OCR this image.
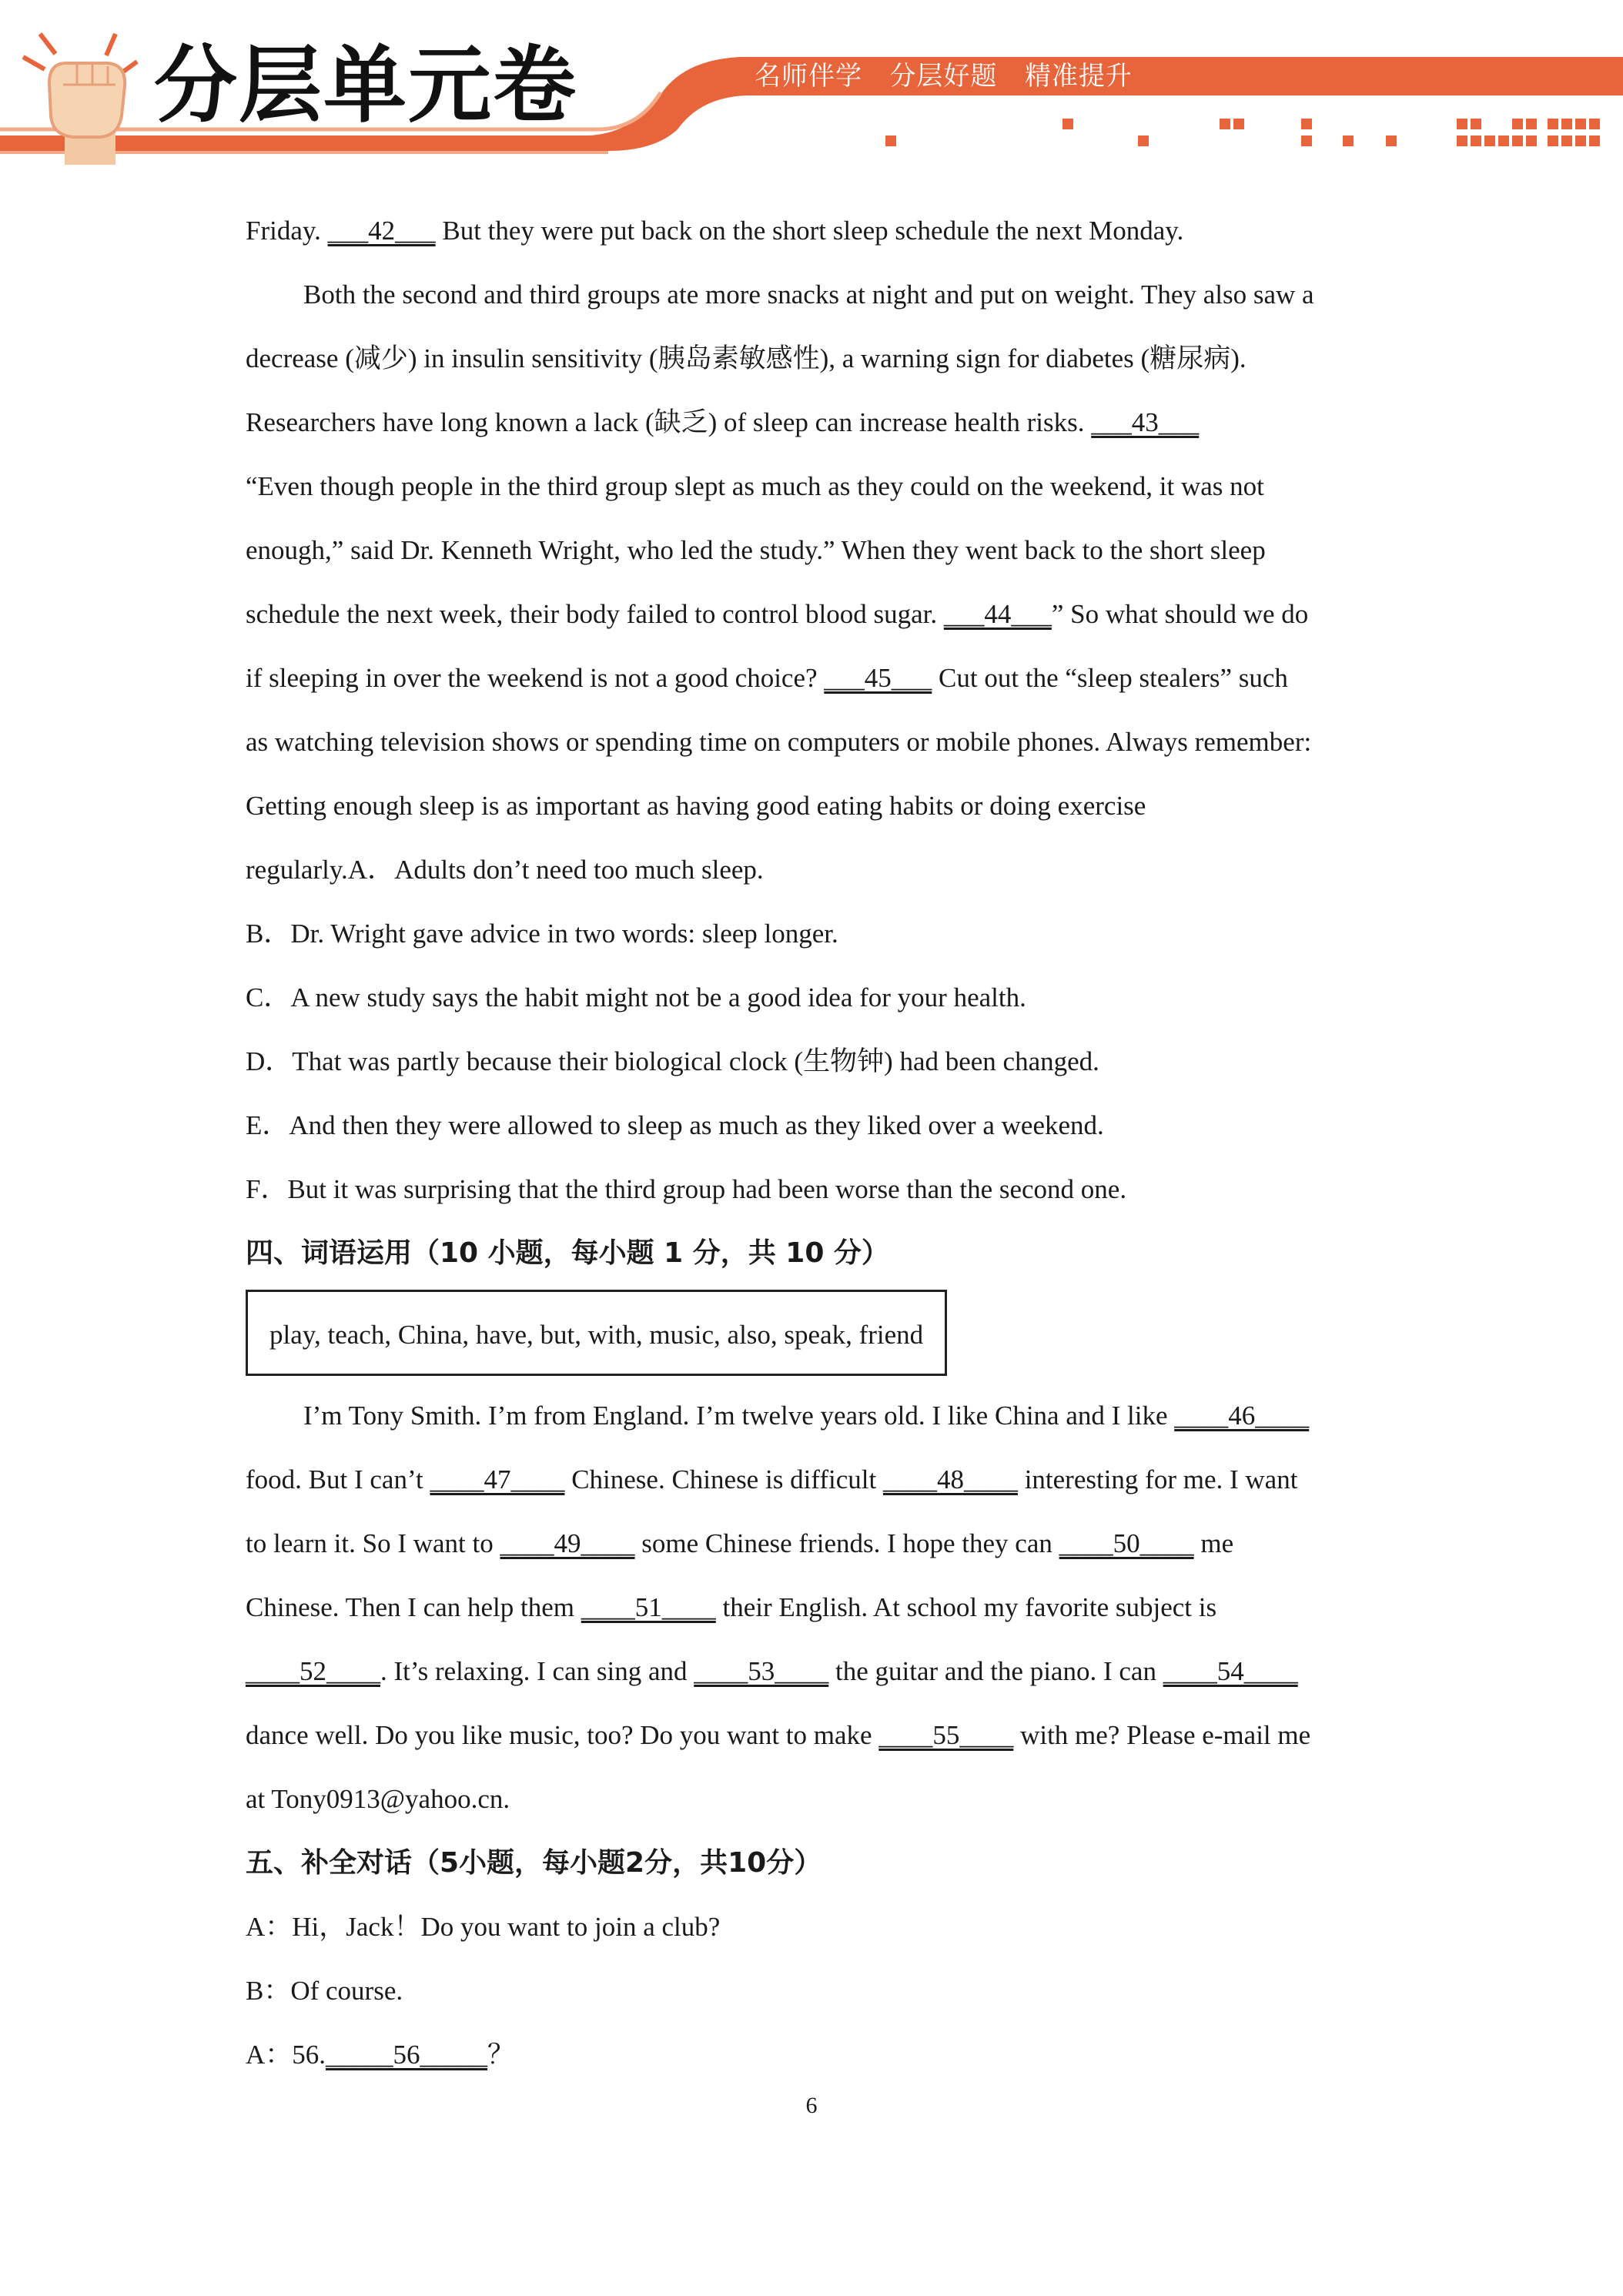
分层单元卷	名师伴学   分层好题   精准提升
Friday. ___42___ But they were put back on the short sleep schedule the next Monday.
Both the second and third groups ate more snacks at night and put on weight. They also saw a
decrease (减少) in insulin sensitivity (胰岛素敏感性), a warning sign for diabetes (糖尿病).
Researchers have long known a lack (缺乏) of sleep can increase health risks. ___43___
“Even though people in the third group slept as much as they could on the weekend, it was not
enough,” said Dr. Kenneth Wright, who led the study.” When they went back to the short sleep
schedule the next week, their body failed to control blood sugar. ___44___” So what should we do
if sleeping in over the weekend is not a good choice? ___45___ Cut out the “sleep stealers” such
as watching television shows or spending time on computers or mobile phones. Always remember:
Getting enough sleep is as important as having good eating habits or doing exercise
regularly.A．Adults don’t need too much sleep.
B．Dr. Wright gave advice in two words: sleep longer.
C．A new study says the habit might not be a good idea for your health.
D．That was partly because their biological clock (生物钟) had been changed.
E．And then they were allowed to sleep as much as they liked over a weekend.
F．But it was surprising that the third group had been worse than the second one.
四、词语运用（10 小题，每小题 1 分，共 10 分）
play, teach, China, have, but, with, music, also, speak, friend
I’m Tony Smith. I’m from England. I’m twelve years old. I like China and I like ____46____
food. But I can’t ____47____ Chinese. Chinese is difficult ____48____ interesting for me. I want
to learn it. So I want to ____49____ some Chinese friends. I hope they can ____50____ me
Chinese. Then I can help them ____51____ their English. At school my favorite subject is
____52____. It’s relaxing. I can sing and ____53____ the guitar and the piano. I can ____54____
dance well. Do you like music, too? Do you want to make ____55____ with me? Please e-mail me
at Tony0913@yahoo.cn.
五、补全对话（5小题，每小题2分，共10分）
A：Hi，Jack！Do you want to join a club?
B：Of course.
A：56._____56_____？
6
